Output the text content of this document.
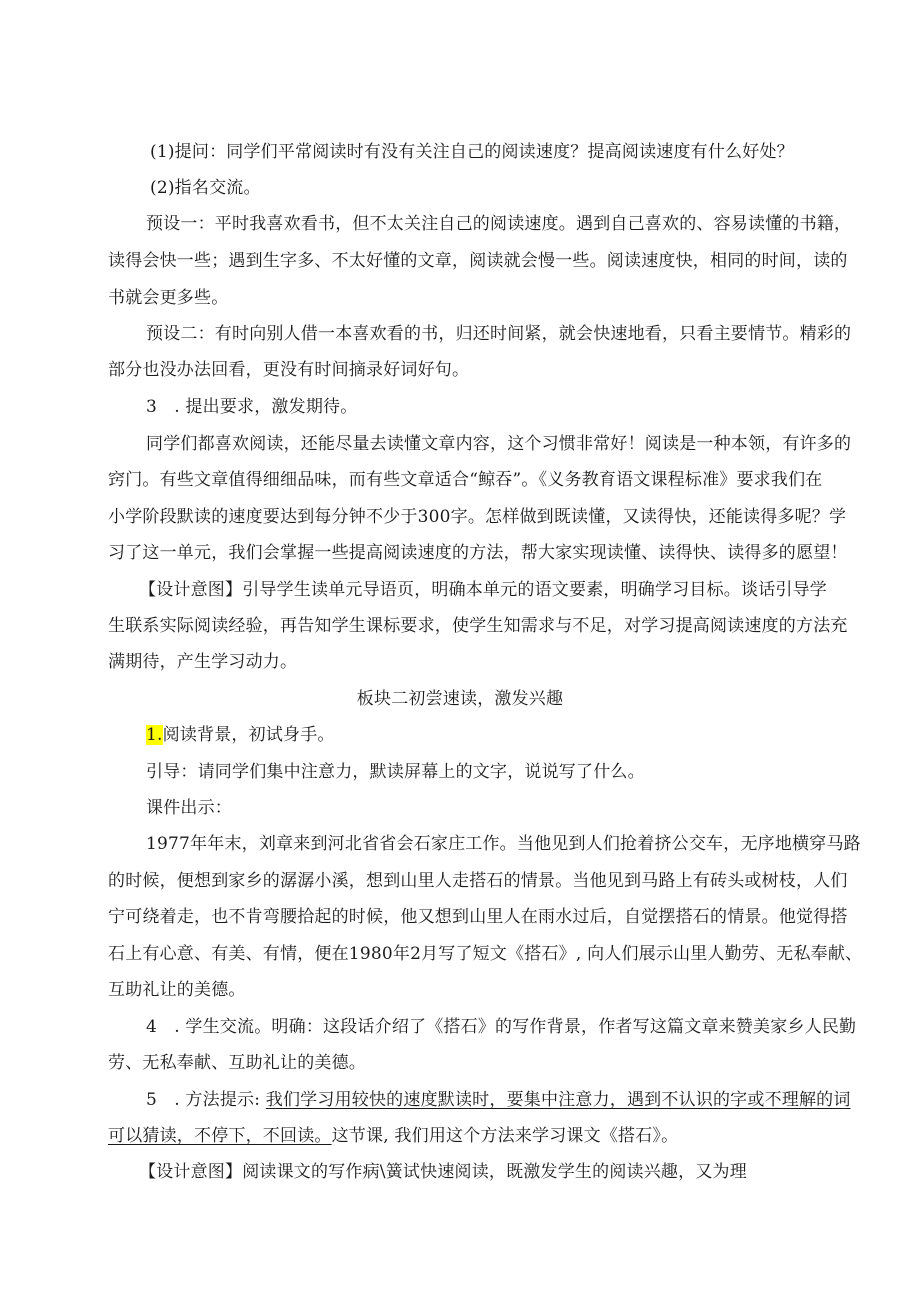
(1)提问：同学们平常阅读时有没有关注自己的阅读速度？提高阅读速度有什么好处？
(2)指名交流。
预设一：平时我喜欢看书，但不太关注自己的阅读速度。遇到自己喜欢的、容易读懂的书籍，
读得会快一些；遇到生字多、不太好懂的文章，阅读就会慢一些。阅读速度快，相同的时间，读的
书就会更多些。
预设二：有时向别人借一本喜欢看的书，归还时间紧，就会快速地看，只看主要情节。精彩的
部分也没办法回看，更没有时间摘录好词好句。
3　. 提出要求，激发期待。
同学们都喜欢阅读，还能尽量去读懂文章内容，这个习惯非常好！阅读是一种本领，有许多的
窍门。有些文章值得细细品味，而有些文章适合“鲸吞”。《义务教育语文课程标准》要求我们在
小学阶段默读的速度要达到每分钟不少于300字。怎样做到既读懂，又读得快，还能读得多呢？学
习了这一单元，我们会掌握一些提高阅读速度的方法，帮大家实现读懂、读得快、读得多的愿望！
【设计意图】引导学生读单元导语页，明确本单元的语文要素，明确学习目标。谈话引导学
生联系实际阅读经验，再告知学生课标要求，使学生知需求与不足，对学习提高阅读速度的方法充
满期待，产生学习动力。
板块二初尝速读，激发兴趣
1.阅读背景，初试身手。
引导：请同学们集中注意力，默读屏幕上的文字，说说写了什么。
课件出示：
1977年年末，刘章来到河北省省会石家庄工作。当他见到人们抢着挤公交车，无序地横穿马路
的时候，便想到家乡的潺潺小溪，想到山里人走搭石的情景。当他见到马路上有砖头或树枝，人们
宁可绕着走，也不肯弯腰拾起的时候，他又想到山里人在雨水过后，自觉摆搭石的情景。他觉得搭
石上有心意、有美、有情，便在1980年2月写了短文《搭石》, 向人们展示山里人勤劳、无私奉献、
互助礼让的美德。
4　. 学生交流。明确：这段话介绍了《搭石》的写作背景，作者写这篇文章来赞美家乡人民勤
劳、无私奉献、互助礼让的美德。
5　. 方法提示: 我们学习用较快的速度默读时，要集中注意力，遇到不认识的字或不理解的词
可以猜读，不停下，不回读。这节课, 我们用这个方法来学习课文《搭石》。
【设计意图】阅读课文的写作病\簧试快速阅读，既激发学生的阅读兴趣，又为理
